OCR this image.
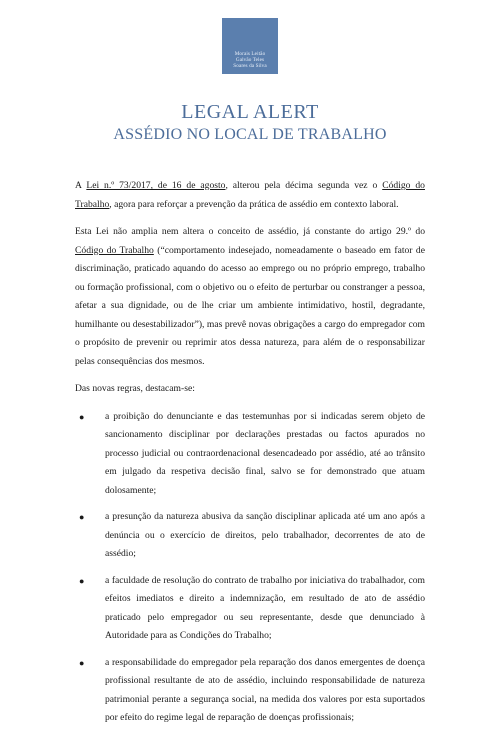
Morais Leitão
Galvão Teles
Soares da Silva
LEGAL ALERT
ASSÉDIO NO LOCAL DE TRABALHO

A Lei n.º 73/2017, de 16 de agosto, alterou pela décima segunda vez o Código do Trabalho, agora para reforçar a prevenção da prática de assédio em contexto laboral.

Esta Lei não amplia nem altera o conceito de assédio, já constante do artigo 29.º do Código do Trabalho (“comportamento indesejado, nomeadamente o baseado em fator de discriminação, praticado aquando do acesso ao emprego ou no próprio emprego, trabalho ou formação profissional, com o objetivo ou o efeito de perturbar ou constranger a pessoa, afetar a sua dignidade, ou de lhe criar um ambiente intimidativo, hostil, degradante, humilhante ou desestabilizador”), mas prevê novas obrigações a cargo do empregador com o propósito de prevenir ou reprimir atos dessa natureza, para além de o responsabilizar pelas consequências dos mesmos.

Das novas regras, destacam-se:

● a proibição do denunciante e das testemunhas por si indicadas serem objeto de sancionamento disciplinar por declarações prestadas ou factos apurados no processo judicial ou contraordenacional desencadeado por assédio, até ao trânsito em julgado da respetiva decisão final, salvo se for demonstrado que atuam dolosamente;
● a presunção da natureza abusiva da sanção disciplinar aplicada até um ano após a denúncia ou o exercício de direitos, pelo trabalhador, decorrentes de ato de assédio;
● a faculdade de resolução do contrato de trabalho por iniciativa do trabalhador, com efeitos imediatos e direito a indemnização, em resultado de ato de assédio praticado pelo empregador ou seu representante, desde que denunciado à Autoridade para as Condições do Trabalho;
● a responsabilidade do empregador pela reparação dos danos emergentes de doença profissional resultante de ato de assédio, incluindo responsabilidade de natureza patrimonial perante a segurança social, na medida dos valores por esta suportados por efeito do regime legal de reparação de doenças profissionais;
